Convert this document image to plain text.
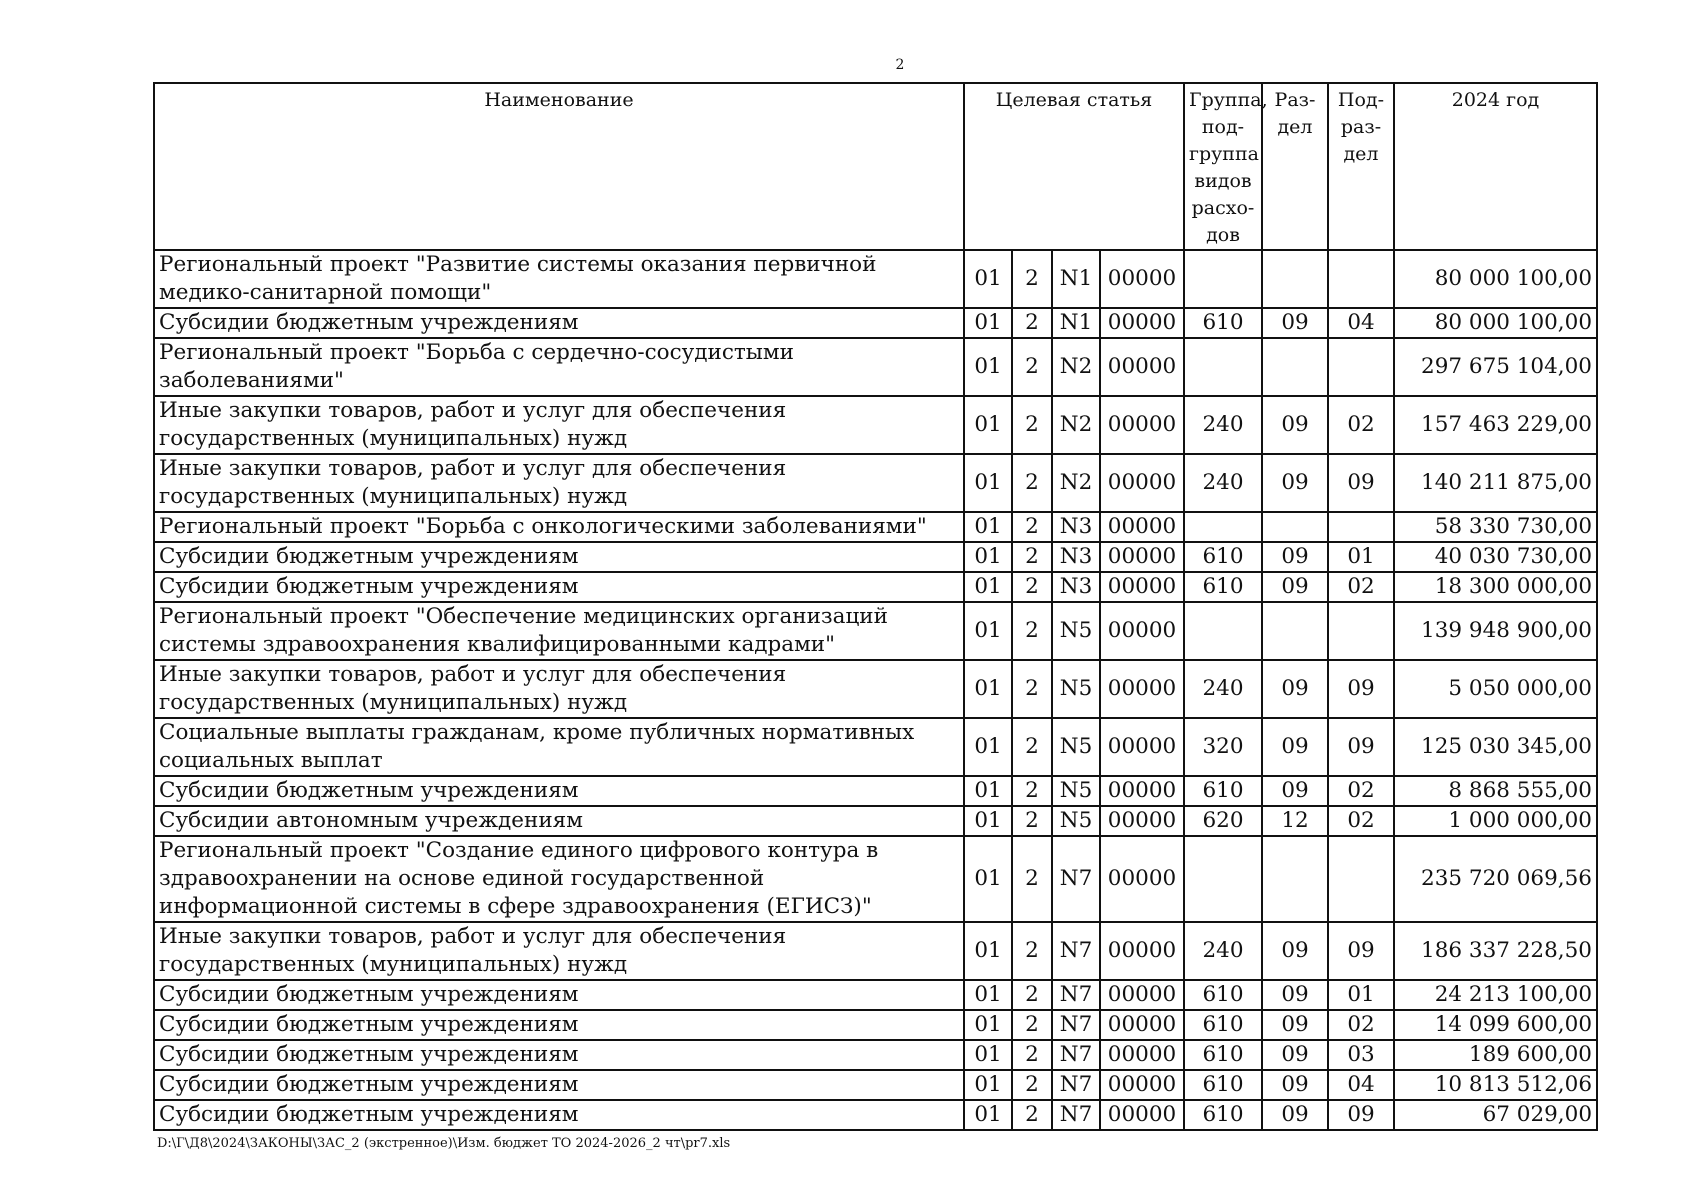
2
Наименование	Целевая статья				Группа, под- группа видов расхо- дов	Раз- дел	Под- раз- дел	2024 год
Региональный проект "Развитие системы оказания первичной медико-санитарной помощи"	01	2	N1	00000				80 000 100,00
Субсидии бюджетным учреждениям	01	2	N1	00000	610	09	04	80 000 100,00
Региональный проект "Борьба с сердечно-сосудистыми заболеваниями"	01	2	N2	00000				297 675 104,00
Иные закупки товаров, работ и услуг для обеспечения государственных (муниципальных) нужд	01	2	N2	00000	240	09	02	157 463 229,00
Иные закупки товаров, работ и услуг для обеспечения государственных (муниципальных) нужд	01	2	N2	00000	240	09	09	140 211 875,00
Региональный проект "Борьба с онкологическими заболеваниями"	01	2	N3	00000				58 330 730,00
Субсидии бюджетным учреждениям	01	2	N3	00000	610	09	01	40 030 730,00
Субсидии бюджетным учреждениям	01	2	N3	00000	610	09	02	18 300 000,00
Региональный проект "Обеспечение медицинских организаций системы здравоохранения квалифицированными кадрами"	01	2	N5	00000				139 948 900,00
Иные закупки товаров, работ и услуг для обеспечения государственных (муниципальных) нужд	01	2	N5	00000	240	09	09	5 050 000,00
Социальные выплаты гражданам, кроме публичных нормативных социальных выплат	01	2	N5	00000	320	09	09	125 030 345,00
Субсидии бюджетным учреждениям	01	2	N5	00000	610	09	02	8 868 555,00
Субсидии автономным учреждениям	01	2	N5	00000	620	12	02	1 000 000,00
Региональный проект "Создание единого цифрового контура в здравоохранении на основе единой государственной информационной системы в сфере здравоохранения (ЕГИСЗ)"	01	2	N7	00000				235 720 069,56
Иные закупки товаров, работ и услуг для обеспечения государственных (муниципальных) нужд	01	2	N7	00000	240	09	09	186 337 228,50
Субсидии бюджетным учреждениям	01	2	N7	00000	610	09	01	24 213 100,00
Субсидии бюджетным учреждениям	01	2	N7	00000	610	09	02	14 099 600,00
Субсидии бюджетным учреждениям	01	2	N7	00000	610	09	03	189 600,00
Субсидии бюджетным учреждениям	01	2	N7	00000	610	09	04	10 813 512,06
Субсидии бюджетным учреждениям	01	2	N7	00000	610	09	09	67 029,00
D:\Г\Д8\2024\ЗАКОНЫ\ЗАС_2 (экстренное)\Изм. бюджет ТО 2024-2026_2 чт\pr7.xls
